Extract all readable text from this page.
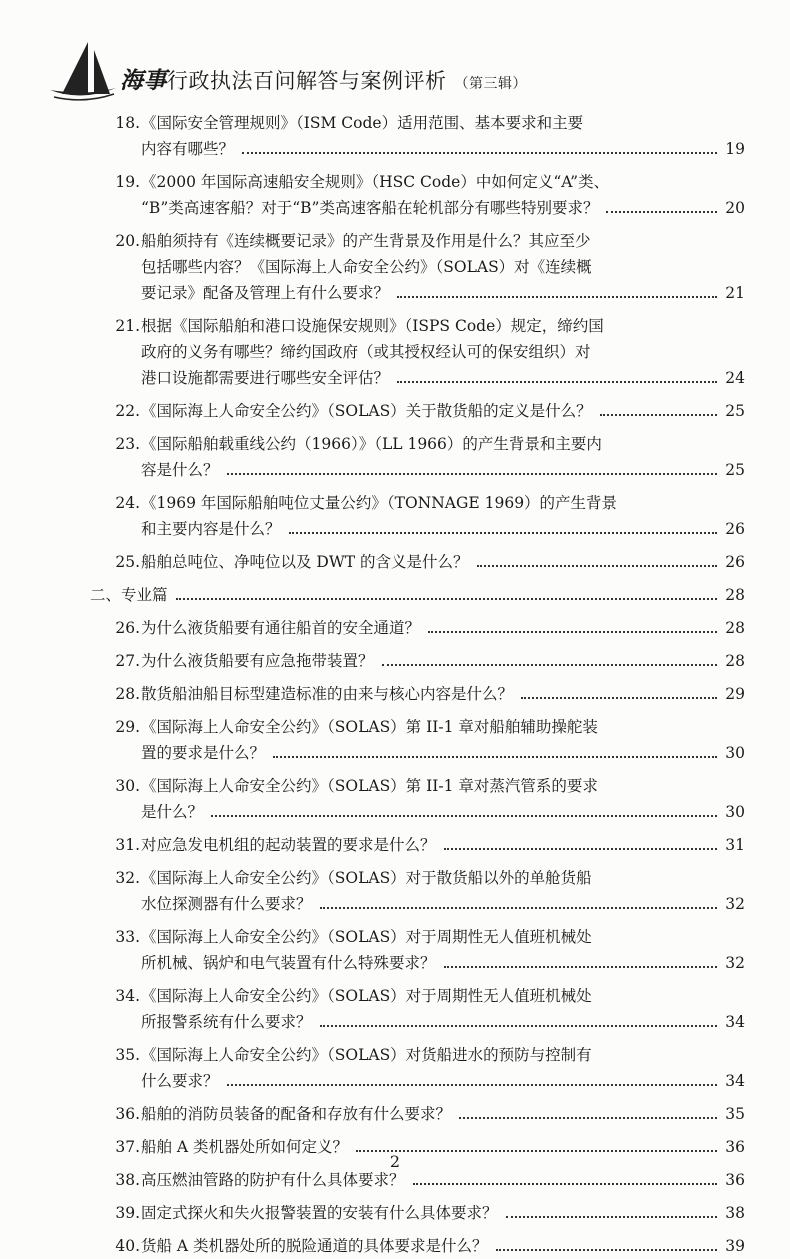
海事行政执法百问解答与案例评析 （第三辑）
18. 《国际安全管理规则》（ISM Code）适用范围、基本要求和主要
内容有哪些？	19
19. 《2000 年国际高速船安全规则》（HSC Code）中如何定义“A”类、
“B”类高速客船？对于“B”类高速客船在轮机部分有哪些特别要求？	20
20. 船舶须持有《连续概要记录》的产生背景及作用是什么？其应至少
包括哪些内容？《国际海上人命安全公约》（SOLAS）对《连续概
要记录》配备及管理上有什么要求？	21
21. 根据《国际船舶和港口设施保安规则》（ISPS Code）规定，缔约国
政府的义务有哪些？缔约国政府（或其授权经认可的保安组织）对
港口设施都需要进行哪些安全评估？	24
22. 《国际海上人命安全公约》（SOLAS）关于散货船的定义是什么？	25
23. 《国际船舶载重线公约（1966）》（LL 1966）的产生背景和主要内
容是什么？	25
24. 《1969 年国际船舶吨位丈量公约》（TONNAGE 1969）的产生背景
和主要内容是什么？	26
25. 船舶总吨位、净吨位以及 DWT 的含义是什么？	26
二、专业篇	28
26. 为什么液货船要有通往船首的安全通道？	28
27. 为什么液货船要有应急拖带装置？	28
28. 散货船油船目标型建造标准的由来与核心内容是什么？	29
29. 《国际海上人命安全公约》（SOLAS）第 II-1 章对船舶辅助操舵装
置的要求是什么？	30
30. 《国际海上人命安全公约》（SOLAS）第 II-1 章对蒸汽管系的要求
是什么？	30
31. 对应急发电机组的起动装置的要求是什么？	31
32. 《国际海上人命安全公约》（SOLAS）对于散货船以外的单舱货船
水位探测器有什么要求？	32
33. 《国际海上人命安全公约》（SOLAS）对于周期性无人值班机械处
所机械、锅炉和电气装置有什么特殊要求？	32
34. 《国际海上人命安全公约》（SOLAS）对于周期性无人值班机械处
所报警系统有什么要求？	34
35. 《国际海上人命安全公约》（SOLAS）对货船进水的预防与控制有
什么要求？	34
36. 船舶的消防员装备的配备和存放有什么要求？	35
37. 船舶 A 类机器处所如何定义？	36
38. 高压燃油管路的防护有什么具体要求？	36
39. 固定式探火和失火报警装置的安装有什么具体要求？	38
40. 货船 A 类机器处所的脱险通道的具体要求是什么？	39
2
